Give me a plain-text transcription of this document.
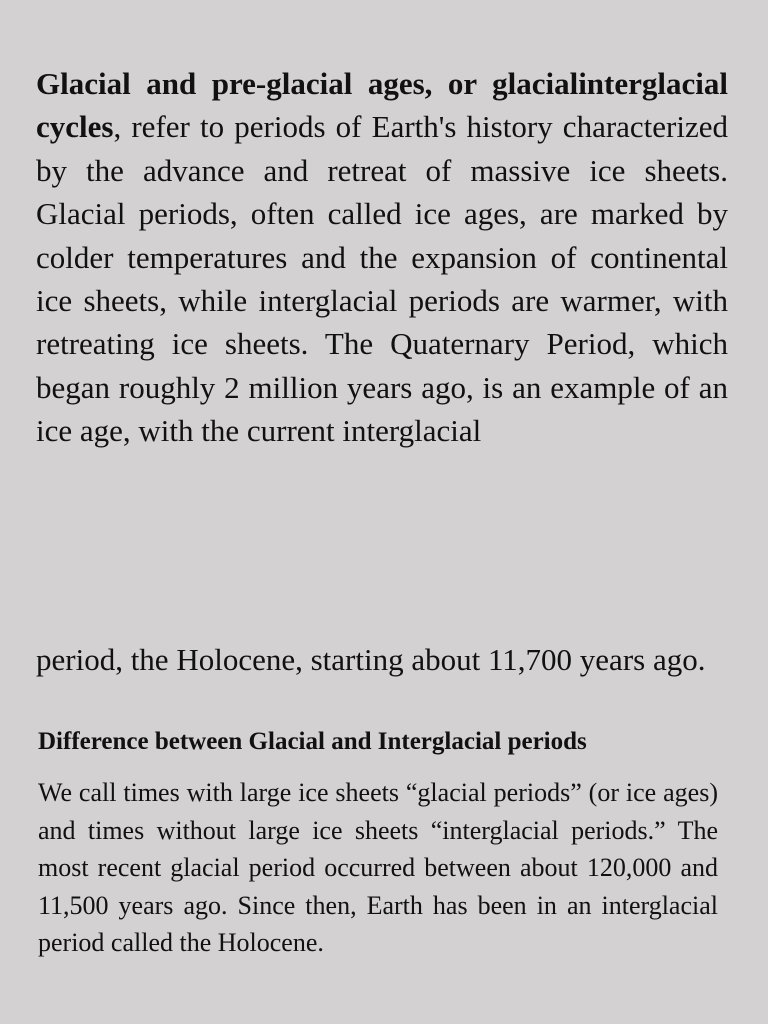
Glacial and pre-glacial ages, or glacialinterglacial cycles, refer to periods of Earth's history characterized by the advance and retreat of massive ice sheets. Glacial periods, often called ice ages, are marked by colder temperatures and the expansion of continental ice sheets, while interglacial periods are warmer, with retreating ice sheets. The Quaternary Period, which began roughly 2 million years ago, is an example of an ice age, with the current interglacial

period, the Holocene, starting about 11,700 years ago.

Difference between Glacial and Interglacial periods

We call times with large ice sheets “glacial periods” (or ice ages) and times without large ice sheets “interglacial periods.” The most recent glacial period occurred between about 120,000 and 11,500 years ago. Since then, Earth has been in an interglacial period called the Holocene.
